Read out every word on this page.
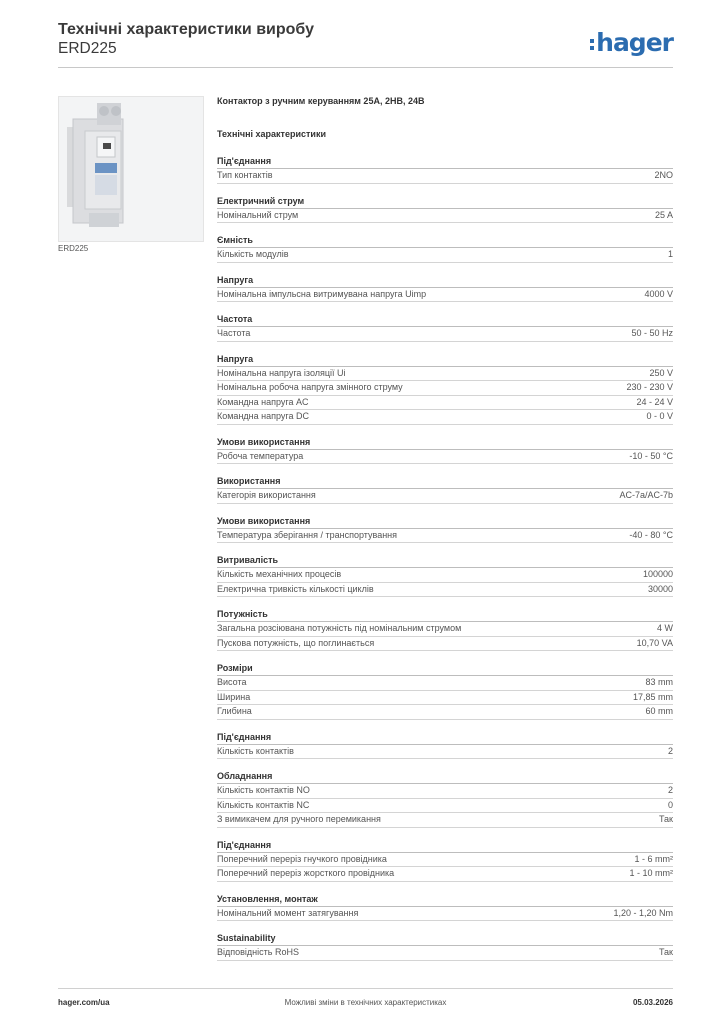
Технічні характеристики виробу

ERD225	hager
ERD225
Контактор з ручним керуванням 25A, 2НВ, 24В
Технічні характеристики
Під'єднання
Тип контактів	2NO
Електричний струм
Номінальний струм	25 A
Ємність
Кількість модулів	1
Напруга
Номінальна імпульсна витримувана напруга Uimp	4000 V
Частота
Частота	50 - 50 Hz
Напруга
Номінальна напруга ізоляції Ui	250 V
Номінальна робоча напруга змінного струму	230 - 230 V
Командна напруга AC	24 - 24 V
Командна напруга DC	0 - 0 V
Умови використання
Робоча температура	-10 - 50 °C
Використання
Категорія використання	AC-7a/AC-7b
Умови використання
Температура зберігання / транспортування	-40 - 80 °C
Витривалість
Кількість механічних процесів	100000
Електрична тривкість кількості циклів	30000
Потужність
Загальна розсіювана потужність під номінальним струмом	4 W
Пускова потужність, що поглинається	10,70 VA
Розміри
Висота	83 mm
Ширина	17,85 mm
Глибина	60 mm
Під'єднання
Кількість контактів	2
Обладнання
Кількість контактів NO	2
Кількість контактів NC	0
З вимикачем для ручного перемикання	Так
Під'єднання
Поперечний переріз гнучкого провідника	1 - 6 mm²
Поперечний переріз жорсткого провідника	1 - 10 mm²
Установлення, монтаж
Номінальний момент затягування	1,20 - 1,20 Nm
Sustainability
Відповідність RoHS	Так
hager.com/ua	Можливі зміни в технічних характеристиках	05.03.2026
